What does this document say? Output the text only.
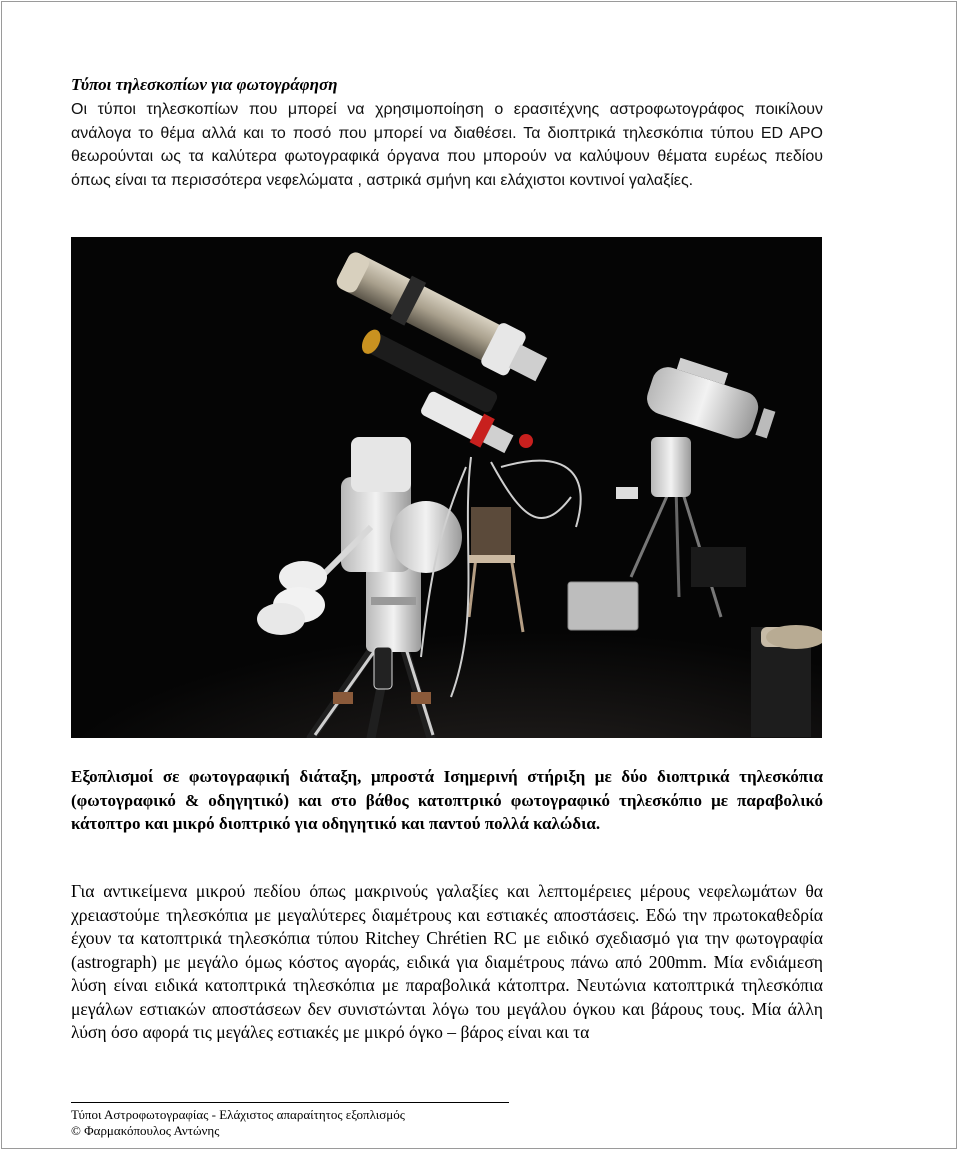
Τύποι τηλεσκοπίων για φωτογράφηση
Οι τύποι τηλεσκοπίων που μπορεί να χρησιμοποίηση ο ερασιτέχνης αστροφωτογράφος ποικίλουν ανάλογα το θέμα αλλά και το ποσό που μπορεί να διαθέσει. Τα διοπτρικά τηλεσκόπια τύπου ED APO θεωρούνται ως τα καλύτερα φωτογραφικά όργανα που μπορούν να καλύψουν θέματα ευρέως πεδίου όπως είναι τα περισσότερα νεφελώματα , αστρικά σμήνη και ελάχιστοι κοντινοί γαλαξίες.
Εξοπλισμοί σε φωτογραφική διάταξη, μπροστά Ισημερινή στήριξη με δύο διοπτρικά τηλεσκόπια (φωτογραφικό & οδηγητικό) και στο βάθος κατοπτρικό φωτογραφικό τηλεσκόπιο με παραβολικό κάτοπτρο και μικρό διοπτρικό για οδηγητικό και παντού πολλά καλώδια.
Για αντικείμενα μικρού πεδίου όπως μακρινούς γαλαξίες και λεπτομέρειες μέρους νεφελωμάτων θα χρειαστούμε τηλεσκόπια με μεγαλύτερες διαμέτρους και εστιακές αποστάσεις. Εδώ την πρωτοκαθεδρία έχουν τα κατοπτρικά τηλεσκόπια τύπου Ritchey Chrétien RC με ειδικό σχεδιασμό για την φωτογραφία (astrograph) με μεγάλο όμως κόστος αγοράς, ειδικά για διαμέτρους πάνω από 200mm. Μία ενδιάμεση λύση είναι ειδικά κατοπτρικά τηλεσκόπια με παραβολικά κάτοπτρα. Νευτώνια κατοπτρικά τηλεσκόπια μεγάλων εστιακών αποστάσεων δεν συνιστώνται λόγω του μεγάλου όγκου και βάρους τους. Μία άλλη λύση όσο αφορά τις μεγάλες εστιακές με μικρό όγκο – βάρος είναι και τα
Τύποι Αστροφωτογραφίας - Ελάχιστος απαραίτητος εξοπλισμός
© Φαρμακόπουλος Αντώνης
